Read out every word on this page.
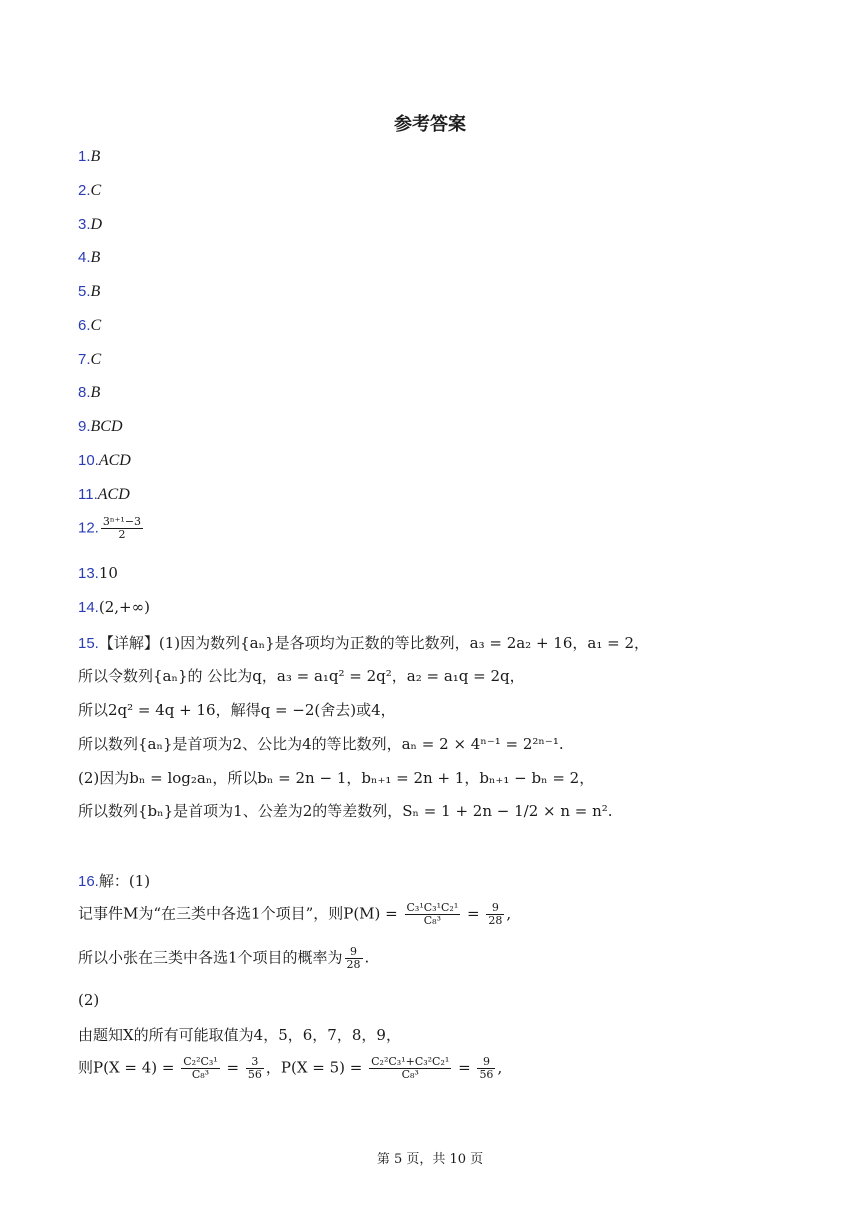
参考答案
1.B
2.C
3.D
4.B
5.B
6.C
7.C
8.B
9.BCD
10.ACD
11.ACD
12. $\frac{\text{3ⁿ⁺¹−3}}{2}$
13.10
14.(2,+∞)
15.【详解】(1)因为数列{aₙ}是各项均为正数的等比数列，a₃ = 2a₂ + 16，a₁ = 2，
所以令数列{aₙ}的 公比为q，a₃ = a₁q² = 2q²，a₂ = a₁q = 2q，
所以2q² = 4q + 16，解得q = −2(舍去)或4，
所以数列{aₙ}是首项为2、公比为4的等比数列，aₙ = 2 × 4ⁿ⁻¹ = 2²ⁿ⁻¹.
(2)因为bₙ = log₂aₙ，所以bₙ = 2n − 1，bₙ₊₁ = 2n + 1，bₙ₊₁ − bₙ = 2，
所以数列{bₙ}是首项为1、公差为2的等差数列，Sₙ = 1 + 2n − 1/2 × n = n².
16.解：(1)
记事件M为“在三类中各选1个项目”，则$P(M) = \frac{\text{C₃¹C₃¹C₂¹}}{\text{C₈³}} = \frac{9}{28}$ ,
所以小张在三类中各选1个项目的概率为 $\frac{9}{28}$ .
(2)
由题知X的所有可能取值为4，5，6，7，8，9，
则$P(X = 4) = \frac{\text{C₂²C₃¹}}{\text{C₈³}} = \frac{3}{56}$ ，$P(X = 5) = \frac{\text{C₂²C₃¹+C₃²C₂¹}}{\text{C₈³}} = \frac{9}{56}$ ,
第 5 页，共 10 页
